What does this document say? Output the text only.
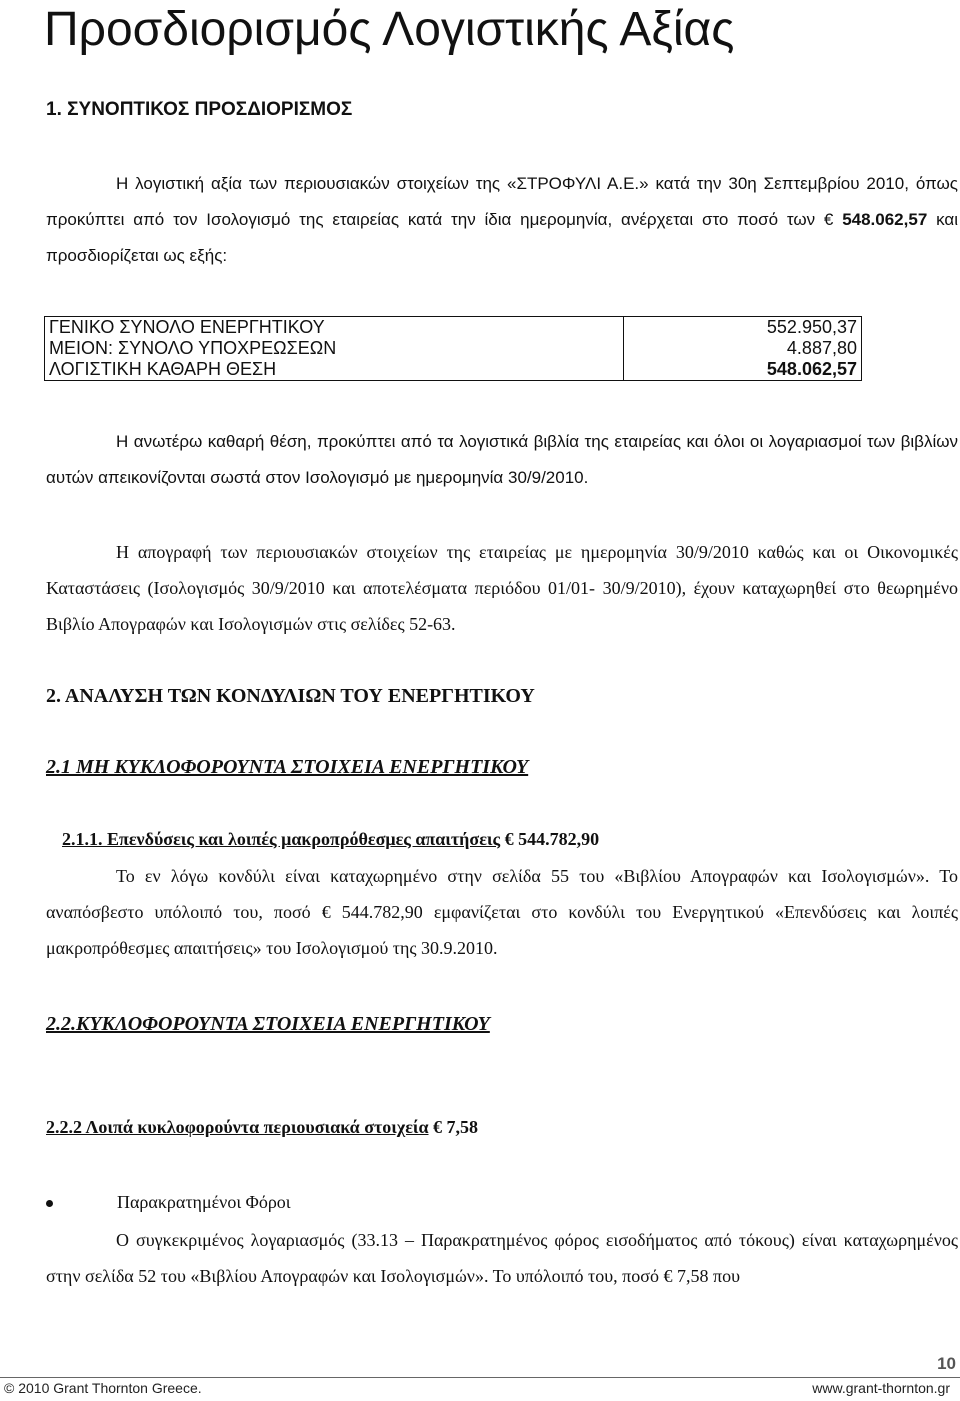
Προσδιορισμός Λογιστικής Αξίας
1. ΣΥΝΟΠΤΙΚΟΣ ΠΡΟΣΔΙΟΡΙΣΜΟΣ

Η λογιστική αξία των περιουσιακών στοιχείων της «ΣΤΡΟΦΥΛΙ Α.Ε.» κατά την 30η Σεπτεμβρίου 2010, όπως προκύπτει από τον Ισολογισμό της εταιρείας κατά την ίδια ημερομηνία, ανέρχεται στο ποσό των € 548.062,57 και προσδιορίζεται ως εξής:

ΓΕΝΙΚΟ ΣΥΝΟΛΟ ΕΝΕΡΓΗΤΙΚΟΥ	552.950,37
ΜΕΙΟΝ: ΣΥΝΟΛΟ ΥΠΟΧΡΕΩΣΕΩΝ	4.887,80
ΛΟΓΙΣΤΙΚΗ ΚΑΘΑΡΗ ΘΕΣΗ	548.062,57

Η ανωτέρω καθαρή θέση, προκύπτει από τα λογιστικά βιβλία της εταιρείας και όλοι οι λογαριασμοί των βιβλίων αυτών απεικονίζονται σωστά στον Ισολογισμό με ημερομηνία 30/9/2010.

Η απογραφή των περιουσιακών στοιχείων της εταιρείας με ημερομηνία 30/9/2010 καθώς και οι Οικονομικές Καταστάσεις (Ισολογισμός 30/9/2010 και αποτελέσματα περιόδου 01/01- 30/9/2010), έχουν καταχωρηθεί στο θεωρημένο Βιβλίο Απογραφών και Ισολογισμών στις σελίδες 52-63.

2. ΑΝΑΛΥΣΗ ΤΩΝ ΚΟΝΔΥΛΙΩΝ ΤΟΥ ΕΝΕΡΓΗΤΙΚΟΥ
2.1 ΜΗ ΚΥΚΛΟΦΟΡΟΥΝΤΑ ΣΤΟΙΧΕΙΑ ΕΝΕΡΓΗΤΙΚΟΥ

2.1.1. Επενδύσεις και λοιπές μακροπρόθεσμες απαιτήσεις € 544.782,90

Το εν λόγω κονδύλι είναι καταχωρημένο στην σελίδα 55 του «Βιβλίου Απογραφών και Ισολογισμών». Το αναπόσβεστο υπόλοιπό του, ποσό € 544.782,90 εμφανίζεται στο κονδύλι του Ενεργητικού «Επενδύσεις και λοιπές μακροπρόθεσμες απαιτήσεις» του Ισολογισμού της 30.9.2010.

2.2.ΚΥΚΛΟΦΟΡΟΥΝΤΑ ΣΤΟΙΧΕΙΑ ΕΝΕΡΓΗΤΙΚΟΥ

2.2.2 Λοιπά κυκλοφορούντα περιουσιακά στοιχεία € 7,58

Παρακρατημένοι Φόροι

Ο συγκεκριμένος λογαριασμός (33.13 – Παρακρατημένος φόρος εισοδήματος από τόκους) είναι καταχωρημένος στην σελίδα 52 του «Βιβλίου Απογραφών και Ισολογισμών». Το υπόλοιπό του, ποσό € 7,58 που

10

© 2010 Grant Thornton Greece.	www.grant-thornton.gr
